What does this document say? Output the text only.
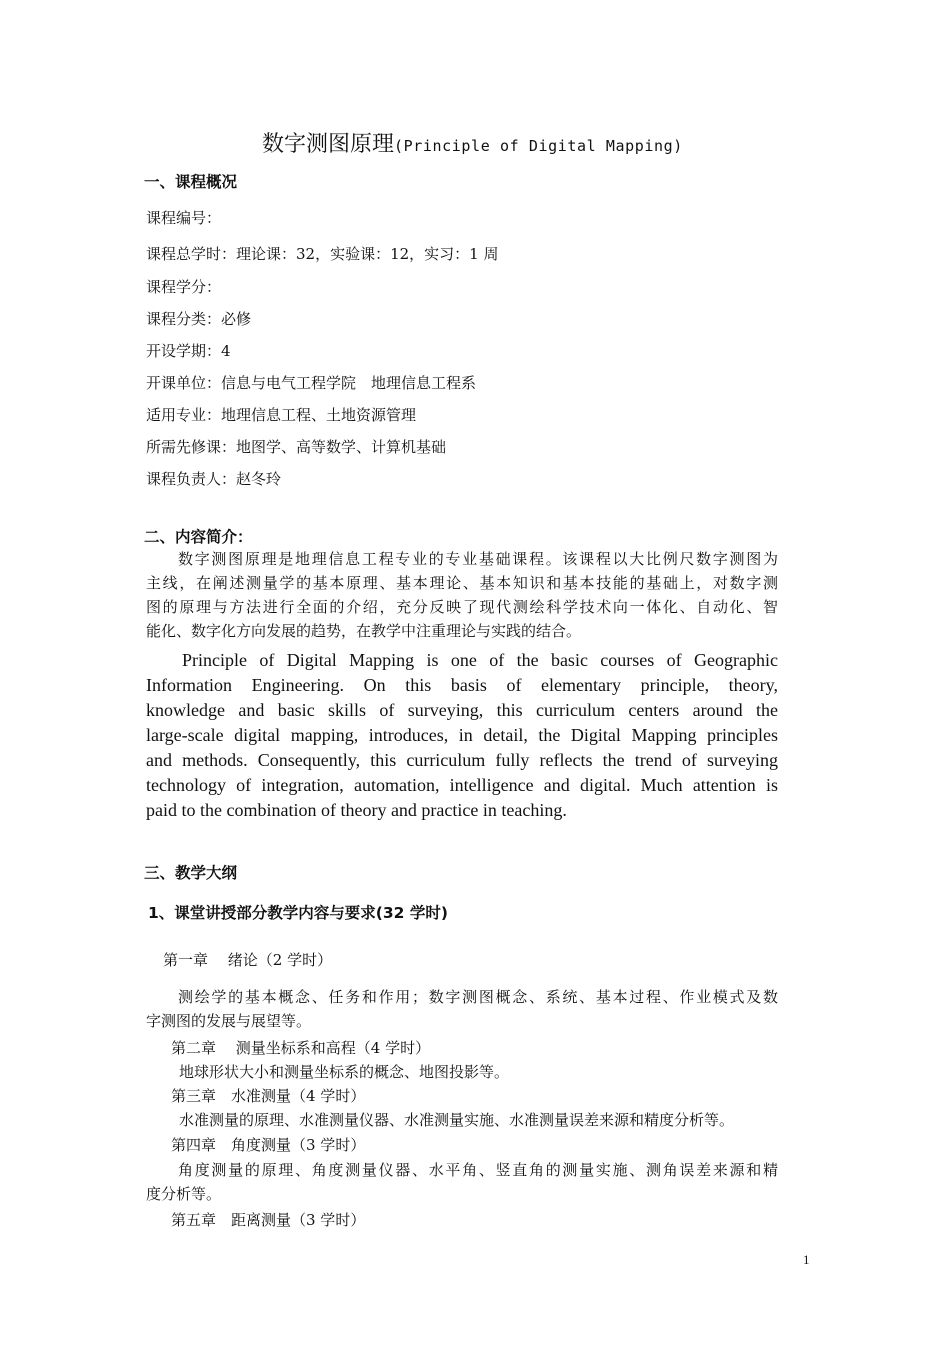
数字测图原理(Principle of Digital Mapping)
一、课程概况
课程编号：
课程总学时：理论课：32，实验课：12，实习：1 周
课程学分：
课程分类：必修
开设学期：4
开课单位：信息与电气工程学院　地理信息工程系
适用专业：地理信息工程、土地资源管理
所需先修课：地图学、高等数学、计算机基础
课程负责人：赵冬玲
二、内容简介：
数字测图原理是地理信息工程专业的专业基础课程。该课程以大比例尺数字测图为
主线，在阐述测量学的基本原理、基本理论、基本知识和基本技能的基础上，对数字测
图的原理与方法进行全面的介绍，充分反映了现代测绘科学技术向一体化、自动化、智
能化、数字化方向发展的趋势，在教学中注重理论与实践的结合。
Principle of Digital Mapping is one of the basic courses of Geographic
Information Engineering. On this basis of elementary principle, theory,
knowledge and basic skills of surveying, this curriculum centers around the
large-scale digital mapping, introduces, in detail, the Digital Mapping principles
and methods. Consequently, this curriculum fully reflects the trend of surveying
technology of integration, automation, intelligence and digital. Much attention is
paid to the combination of theory and practice in teaching.
三、教学大纲
1、课堂讲授部分教学内容与要求(32 学时)
第一章　 绪论（2 学时）
测绘学的基本概念、任务和作用；数字测图概念、系统、基本过程、作业模式及数
字测图的发展与展望等。
第二章　 测量坐标系和高程（4 学时）
地球形状大小和测量坐标系的概念、地图投影等。
第三章　水准测量（4 学时）
水准测量的原理、水准测量仪器、水准测量实施、水准测量误差来源和精度分析等。
第四章　角度测量（3 学时）
角度测量的原理、角度测量仪器、水平角、竖直角的测量实施、测角误差来源和精
度分析等。
第五章　距离测量（3 学时）
1
